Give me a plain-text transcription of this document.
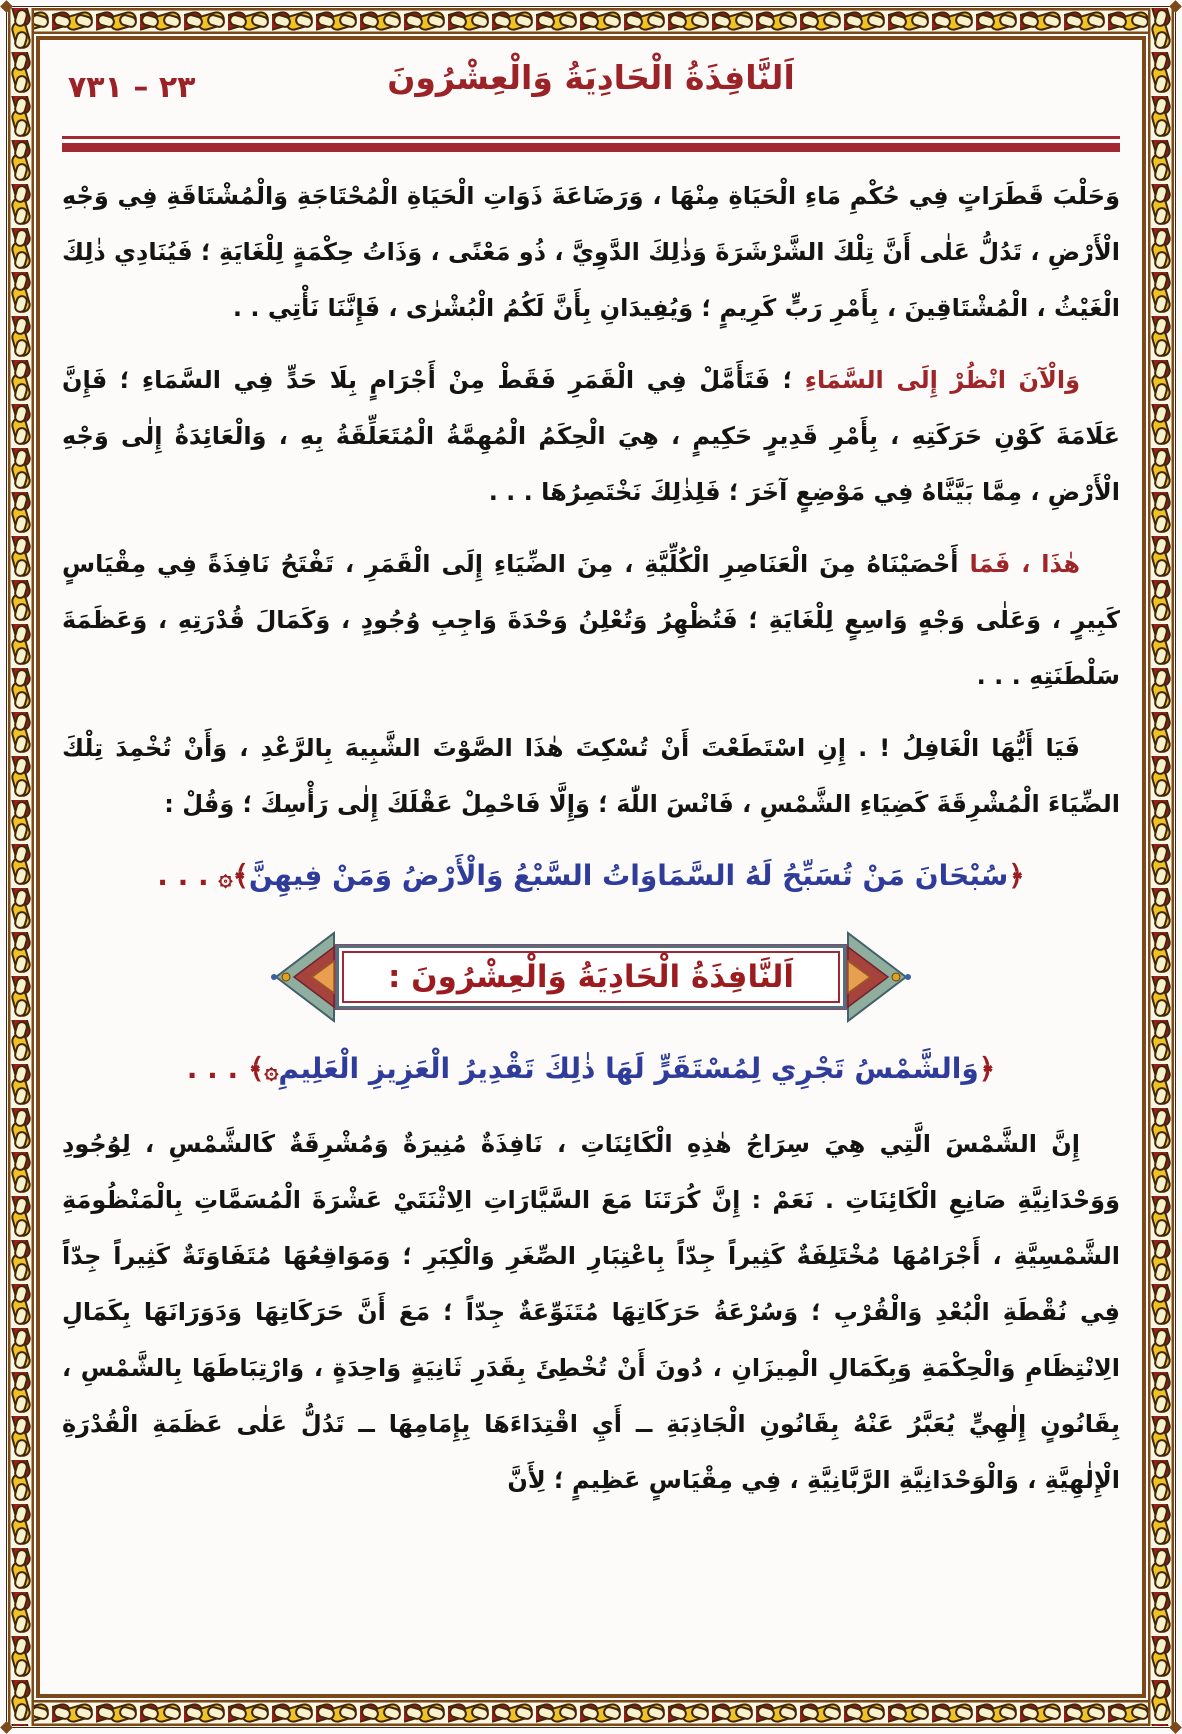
٢٣ – ٧٣١	اَلنَّافِذَةُ الْحَادِيَةُ وَالْعِشْرُونَ

وَحَلْبَ قَطَرَاتٍ فِي حُكْمِ مَاءِ الْحَيَاةِ مِنْهَا ، وَرَضَاعَةَ ذَوَاتِ الْحَيَاةِ الْمُحْتَاجَةِ وَالْمُشْتَاقَةِ فِي وَجْهِ الْأَرْضِ ، تَدُلُّ عَلٰى أَنَّ تِلْكَ الشَّرْشَرَةَ وَذٰلِكَ الدَّوِيَّ ، ذُو مَعْنًى ، وَذَاتُ حِكْمَةٍ لِلْغَايَةِ ؛ فَيُنَادِي ذٰلِكَ الْغَيْثُ ، الْمُشْتَاقِينَ ، بِأَمْرِ رَبٍّ كَرِيمٍ ؛ وَيُفِيدَانِ بِأَنَّ لَكُمُ الْبُشْرٰى ، فَإِنَّنَا نَأْتِي . .

وَالْآنَ انْظُرْ إِلَى السَّمَاءِ ؛ فَتَأَمَّلْ فِي الْقَمَرِ فَقَطْ مِنْ أَجْرَامٍ بِلَا حَدٍّ فِي السَّمَاءِ ؛ فَإِنَّ عَلَامَةَ كَوْنِ حَرَكَتِهِ ، بِأَمْرِ قَدِيرٍ حَكِيمٍ ، هِيَ الْحِكَمُ الْمُهِمَّةُ الْمُتَعَلِّقَةُ بِهِ ، وَالْعَائِدَةُ إِلٰى وَجْهِ الْأَرْضِ ، مِمَّا بَيَّنَّاهُ فِي مَوْضِعٍ آخَرَ ؛ فَلِذٰلِكَ نَخْتَصِرُهَا . . .

هٰذَا ، فَمَا أَحْصَيْنَاهُ مِنَ الْعَنَاصِرِ الْكُلِّيَّةِ ، مِنَ الضِّيَاءِ إِلَى الْقَمَرِ ، تَفْتَحُ نَافِذَةً فِي مِقْيَاسٍ كَبِيرٍ ، وَعَلٰى وَجْهٍ وَاسِعٍ لِلْغَايَةِ ؛ فَتُظْهِرُ وَتُعْلِنُ وَحْدَةَ وَاجِبِ وُجُودٍ ، وَكَمَالَ قُدْرَتِهِ ، وَعَظَمَةَ سَلْطَنَتِهِ . . .

فَيَا أَيُّهَا الْغَافِلُ ! . إِنِ اسْتَطَعْتَ أَنْ تُسْكِتَ هٰذَا الصَّوْتَ الشَّبِيهَ بِالرَّعْدِ ، وَأَنْ تُخْمِدَ تِلْكَ الضِّيَاءَ الْمُشْرِقَةَ كَضِيَاءِ الشَّمْسِ ، فَانْسَ اللّٰهَ ؛ وَإِلَّا فَاحْمِلْ عَقْلَكَ إِلٰى رَأْسِكَ ؛ وَقُلْ :

﴿سُبْحَانَ مَنْ تُسَبِّحُ لَهُ السَّمَاوَاتُ السَّبْعُ وَالْأَرْضُ وَمَنْ فِيهِنَّ﴾۞ . . .
اَلنَّافِذَةُ الْحَادِيَةُ وَالْعِشْرُونَ :
﴿وَالشَّمْسُ تَجْرِي لِمُسْتَقَرٍّ لَهَا ذٰلِكَ تَقْدِيرُ الْعَزِيزِ الْعَلِيمِ۞﴾ . . .

إِنَّ الشَّمْسَ الَّتِي هِيَ سِرَاجُ هٰذِهِ الْكَائِنَاتِ ، نَافِذَةٌ مُنِيرَةٌ وَمُشْرِقَةٌ كَالشَّمْسِ ، لِوُجُودِ وَوَحْدَانِيَّةِ صَانِعِ الْكَائِنَاتِ . نَعَمْ : إِنَّ كُرَتَنَا مَعَ السَّيَّارَاتِ الِاثْنَتَيْ عَشْرَةَ الْمُسَمَّاتِ بِالْمَنْظُومَةِ الشَّمْسِيَّةِ ، أَجْرَامُهَا مُخْتَلِفَةٌ كَثِيراً جِدّاً بِاعْتِبَارِ الصِّغَرِ وَالْكِبَرِ ؛ وَمَوَاقِعُهَا مُتَفَاوَتَةٌ كَثِيراً جِدّاً فِي نُقْطَةِ الْبُعْدِ وَالْقُرْبِ ؛ وَسُرْعَةُ حَرَكَاتِهَا مُتَنَوِّعَةٌ جِدّاً ؛ مَعَ أَنَّ حَرَكَاتِهَا وَدَوَرَانَهَا بِكَمَالِ الِانْتِظَامِ وَالْحِكْمَةِ وَبِكَمَالِ الْمِيزَانِ ، دُونَ أَنْ تُخْطِئَ بِقَدَرِ ثَانِيَةٍ وَاحِدَةٍ ، وَارْتِبَاطَهَا بِالشَّمْسِ ، بِقَانُونٍ إِلٰهِيٍّ يُعَبَّرُ عَنْهُ بِقَانُونِ الْجَاذِبَةِ ــ أَيِ اقْتِدَاءَهَا بِإِمَامِهَا ــ تَدُلُّ عَلٰى عَظَمَةِ الْقُدْرَةِ الْإِلٰهِيَّةِ ، وَالْوَحْدَانِيَّةِ الرَّبَّانِيَّةِ ، فِي مِقْيَاسٍ عَظِيمٍ ؛ لِأَنَّ
